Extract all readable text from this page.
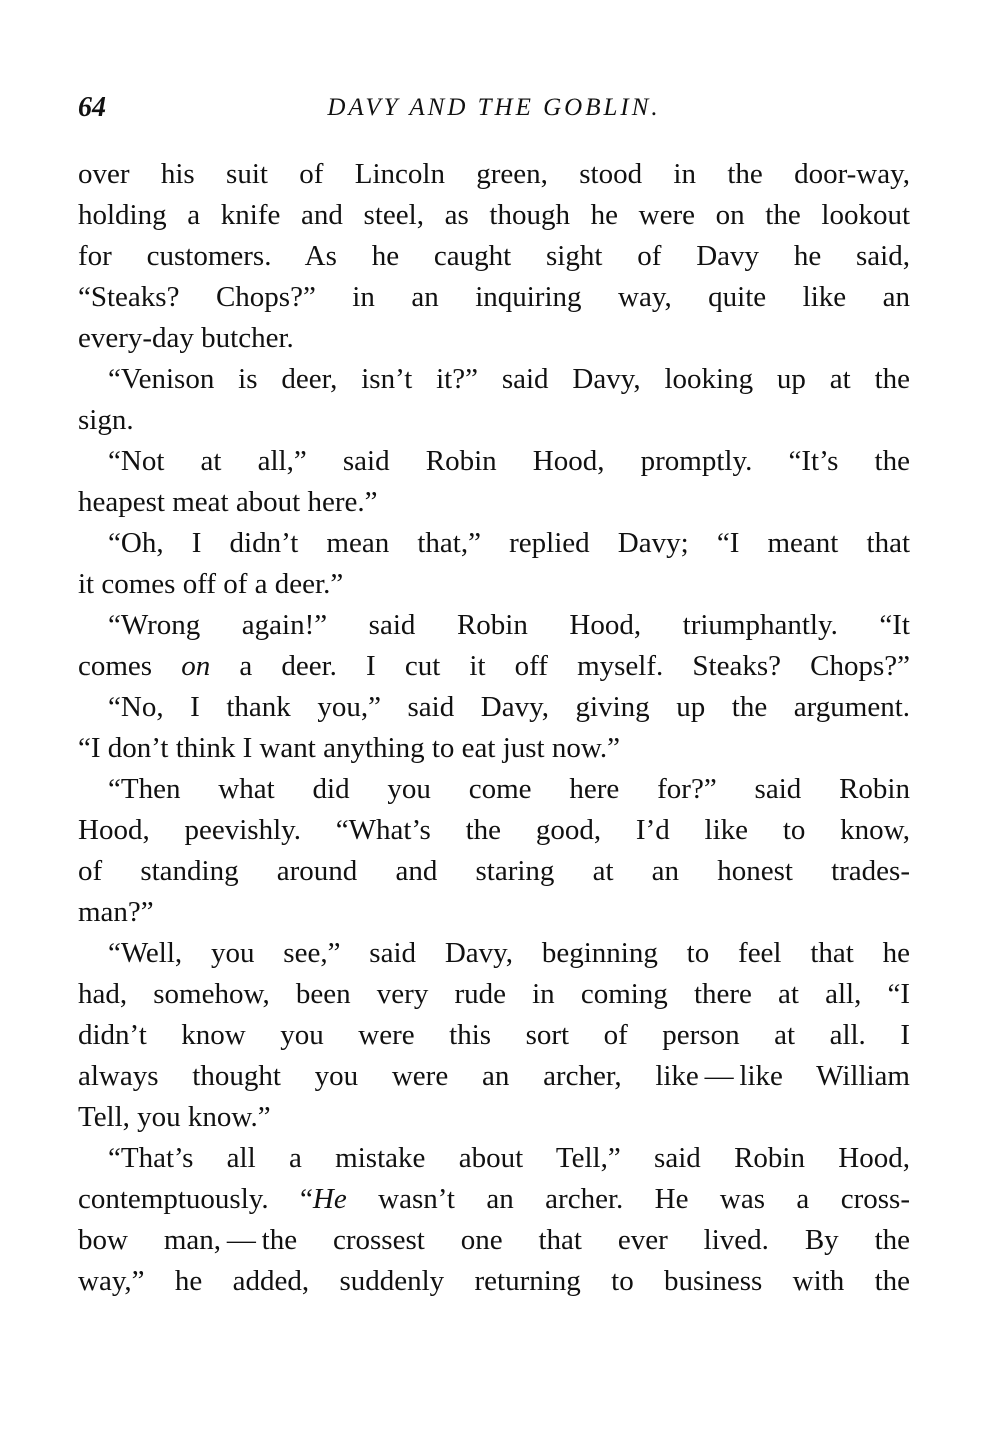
64	DAVY AND THE GOBLIN.
over his suit of Lincoln green, stood in the door-way,
holding a knife and steel, as though he were on the lookout
for customers. As he caught sight of Davy he said,
“Steaks? Chops?” in an inquiring way, quite like an
every-day butcher.
“Venison is deer, isn’t it?” said Davy, looking up at the
sign.
“Not at all,” said Robin Hood, promptly. “It’s the
heapest meat about here.”
“Oh, I didn’t mean that,” replied Davy; “I meant that
it comes off of a deer.”
“Wrong again!” said Robin Hood, triumphantly. “It
comes on a deer. I cut it off myself. Steaks? Chops?”
“No, I thank you,” said Davy, giving up the argument.
“I don’t think I want anything to eat just now.”
“Then what did you come here for?” said Robin
Hood, peevishly. “What’s the good, I’d like to know,
of standing around and staring at an honest trades-
man?”
“Well, you see,” said Davy, beginning to feel that he
had, somehow, been very rude in coming there at all, “I
didn’t know you were this sort of person at all. I
always thought you were an archer, like — like William
Tell, you know.”
“That’s all a mistake about Tell,” said Robin Hood,
contemptuously. “He wasn’t an archer. He was a cross-
bow man, — the crossest one that ever lived. By the
way,” he added, suddenly returning to business with the
